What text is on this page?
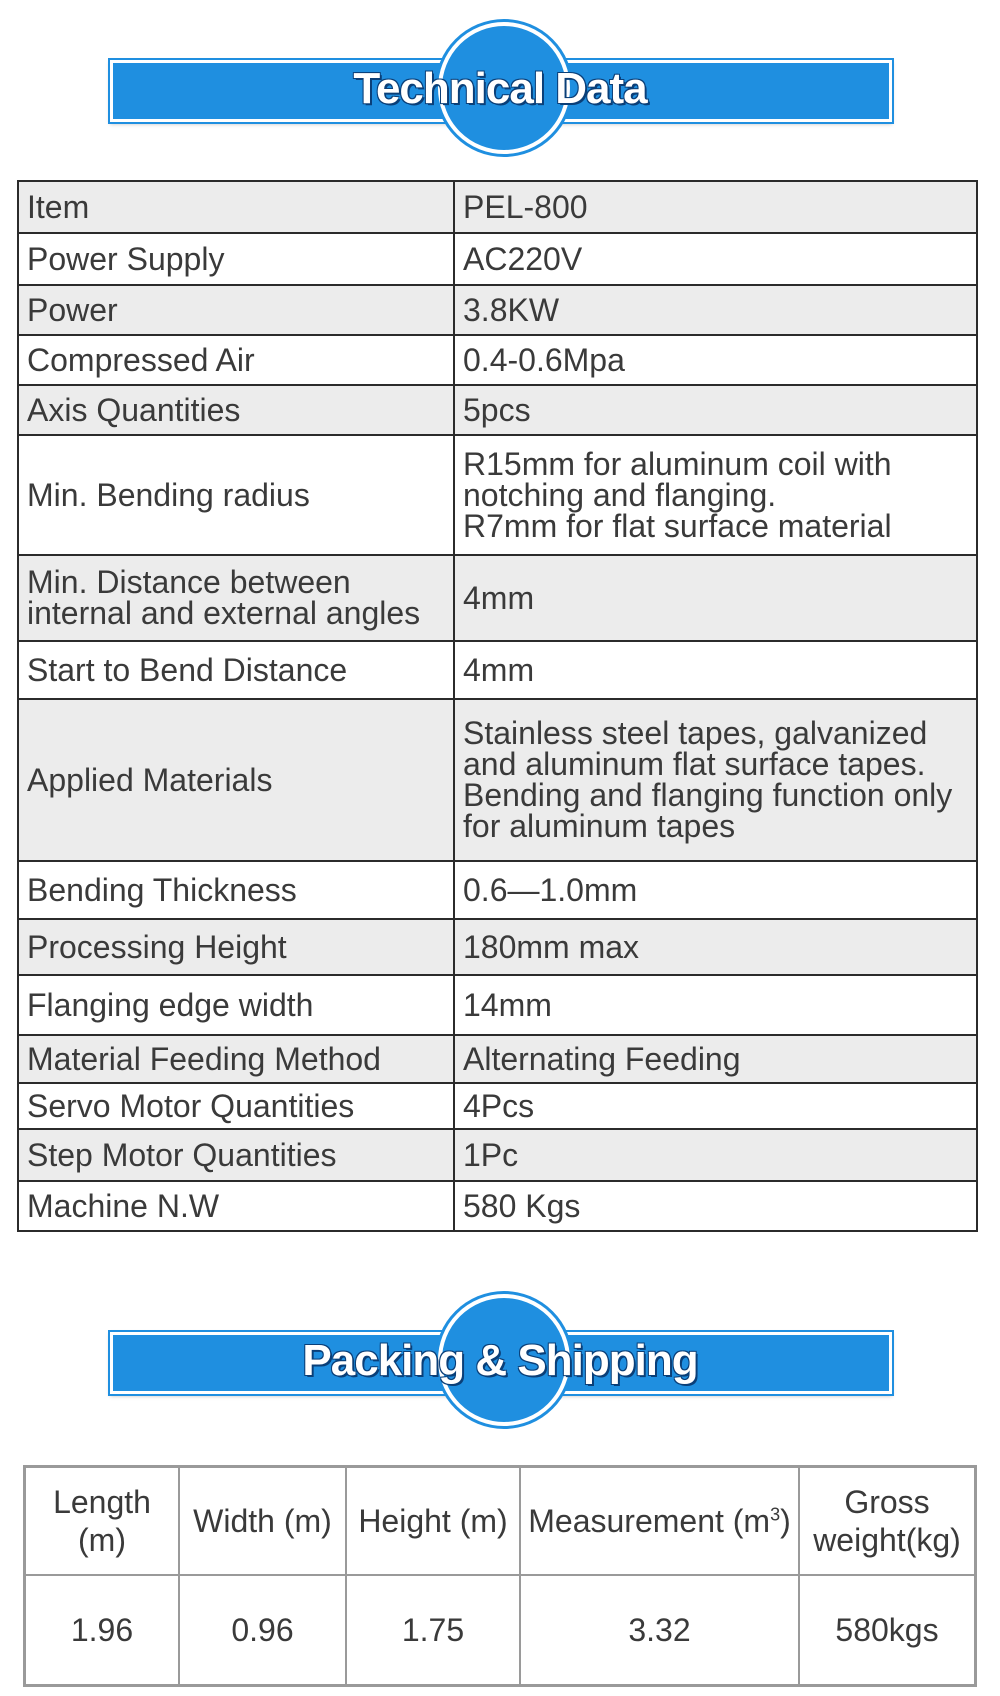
Technical Data
Item	PEL-800

Power Supply	AC220V

Power	3.8KW

Compressed Air	0.4-0.6Mpa

Axis Quantities	5pcs

Min. Bending radius	R15mm for aluminum coil with
notching and flanging.
R7mm for flat surface material

Min. Distance between internal and external angles	4mm

Start to Bend Distance	4mm

Applied Materials	Stainless steel tapes, galvanized
and aluminum flat surface tapes.
Bending and flanging function only
for aluminum tapes

Bending Thickness	0.6—1.0mm

Processing Height	180mm max

Flanging edge width	14mm

Material Feeding Method	Alternating Feeding

Servo Motor Quantities	4Pcs

Step Motor Quantities	1Pc

Machine N.W	580 Kgs
Packing & Shipping
Length (m)	Width (m)	Height (m)	Measurement $(m^3)$	Gross weight(kg)
1.96	0.96	1.75	3.32	580kgs
